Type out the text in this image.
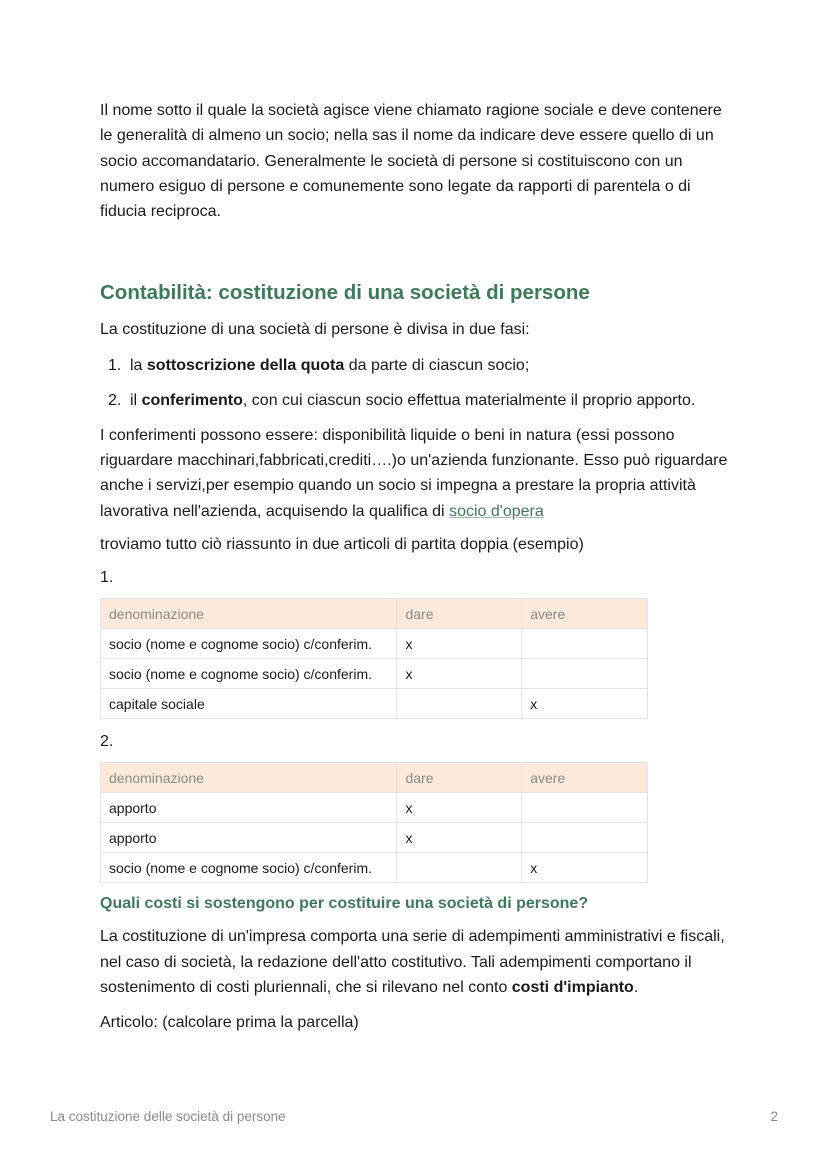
Il nome sotto il quale la società agisce viene chiamato ragione sociale e deve contenere le generalità di almeno un socio; nella sas il nome da indicare deve essere quello di un socio accomandatario. Generalmente le società di persone si costituiscono con un numero esiguo di persone e comunemente sono legate da rapporti di parentela o di fiducia reciproca.

Contabilità: costituzione di una società di persone

La costituzione di una società di persone è divisa in due fasi:

1. la sottoscrizione della quota da parte di ciascun socio;
2. il conferimento, con cui ciascun socio effettua materialmente il proprio apporto.

I conferimenti possono essere: disponibilità liquide o beni in natura (essi possono riguardare macchinari,fabbricati,crediti….)o un'azienda funzionante. Esso può riguardare anche i servizi,per esempio quando un socio si impegna a prestare la propria attività lavorativa nell'azienda, acquisendo la qualifica di socio d'opera

troviamo tutto ciò riassunto in due articoli di partita doppia (esempio)

1.
denominazione	dare	avere
socio (nome e cognome socio) c/conferim.	x	
socio (nome e cognome socio) c/conferim.	x	
capitale sociale		x
2.
denominazione	dare	avere
apporto	x	
apporto	x	
socio (nome e cognome socio) c/conferim.		x
Quali costi si sostengono per costituire una società di persone?

La costituzione di un'impresa comporta una serie di adempimenti amministrativi e fiscali, nel caso di società, la redazione dell'atto costitutivo. Tali adempimenti comportano il sostenimento di costi pluriennali, che si rilevano nel conto costi d'impianto.

Articolo: (calcolare prima la parcella)

La costituzione delle società di persone	2
